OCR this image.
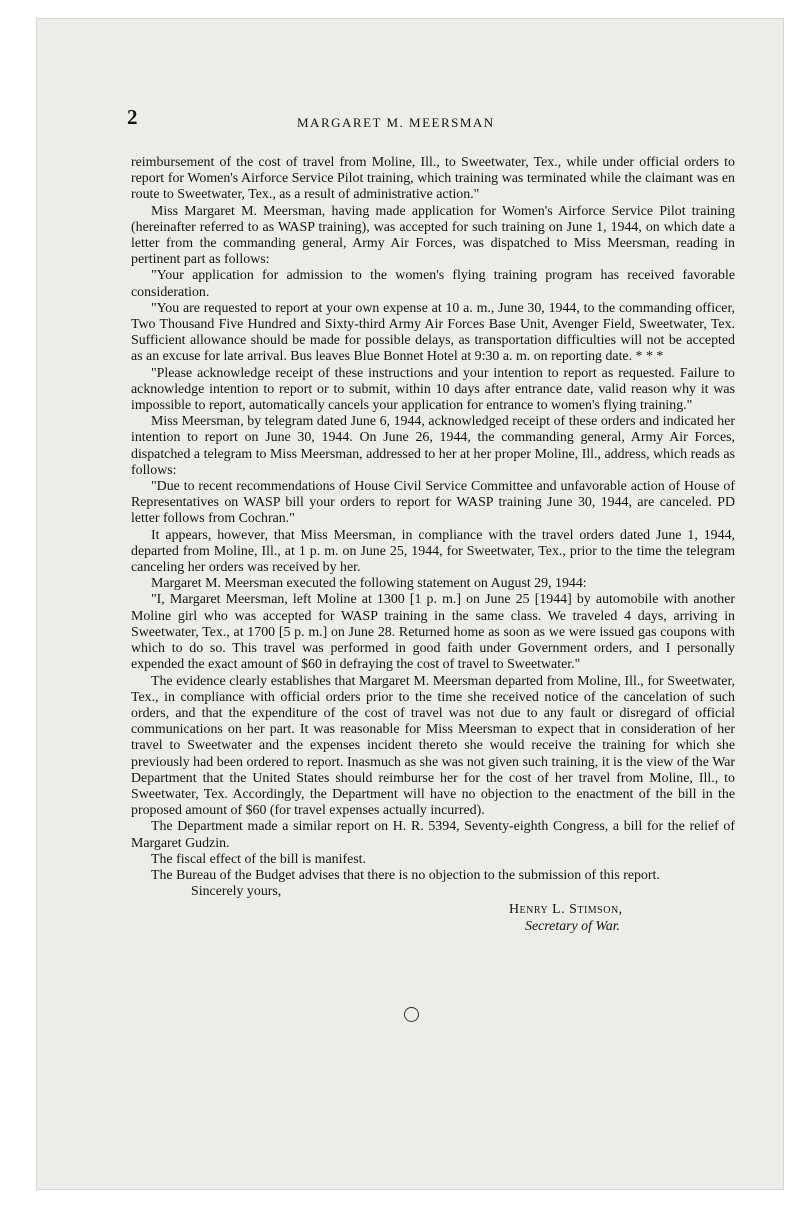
2	MARGARET M. MEERSMAN

reimbursement of the cost of travel from Moline, Ill., to Sweetwater, Tex., while under official orders to report for Women's Airforce Service Pilot training, which training was terminated while the claimant was en route to Sweetwater, Tex., as a result of administrative action."

Miss Margaret M. Meersman, having made application for Women's Airforce Service Pilot training (hereinafter referred to as WASP training), was accepted for such training on June 1, 1944, on which date a letter from the commanding general, Army Air Forces, was dispatched to Miss Meersman, reading in pertinent part as follows:

"Your application for admission to the women's flying training program has received favorable consideration.

"You are requested to report at your own expense at 10 a. m., June 30, 1944, to the commanding officer, Two Thousand Five Hundred and Sixty-third Army Air Forces Base Unit, Avenger Field, Sweetwater, Tex. Sufficient allowance should be made for possible delays, as transportation difficulties will not be accepted as an excuse for late arrival. Bus leaves Blue Bonnet Hotel at 9:30 a. m. on reporting date. * * *

"Please acknowledge receipt of these instructions and your intention to report as requested. Failure to acknowledge intention to report or to submit, within 10 days after entrance date, valid reason why it was impossible to report, automatically cancels your application for entrance to women's flying training."

Miss Meersman, by telegram dated June 6, 1944, acknowledged receipt of these orders and indicated her intention to report on June 30, 1944. On June 26, 1944, the commanding general, Army Air Forces, dispatched a telegram to Miss Meersman, addressed to her at her proper Moline, Ill., address, which reads as follows:

"Due to recent recommendations of House Civil Service Committee and unfavorable action of House of Representatives on WASP bill your orders to report for WASP training June 30, 1944, are canceled. PD letter follows from Cochran."

It appears, however, that Miss Meersman, in compliance with the travel orders dated June 1, 1944, departed from Moline, Ill., at 1 p. m. on June 25, 1944, for Sweetwater, Tex., prior to the time the telegram canceling her orders was received by her.

Margaret M. Meersman executed the following statement on August 29, 1944:

"I, Margaret Meersman, left Moline at 1300 [1 p. m.] on June 25 [1944] by automobile with another Moline girl who was accepted for WASP training in the same class. We traveled 4 days, arriving in Sweetwater, Tex., at 1700 [5 p. m.] on June 28. Returned home as soon as we were issued gas coupons with which to do so. This travel was performed in good faith under Government orders, and I personally expended the exact amount of $60 in defraying the cost of travel to Sweetwater."

The evidence clearly establishes that Margaret M. Meersman departed from Moline, Ill., for Sweetwater, Tex., in compliance with official orders prior to the time she received notice of the cancelation of such orders, and that the expenditure of the cost of travel was not due to any fault or disregard of official communications on her part. It was reasonable for Miss Meersman to expect that in consideration of her travel to Sweetwater and the expenses incident thereto she would receive the training for which she previously had been ordered to report. Inasmuch as she was not given such training, it is the view of the War Department that the United States should reimburse her for the cost of her travel from Moline, Ill., to Sweetwater, Tex. Accordingly, the Department will have no objection to the enactment of the bill in the proposed amount of $60 (for travel expenses actually incurred).

The Department made a similar report on H. R. 5394, Seventy-eighth Congress, a bill for the relief of Margaret Gudzin.

The fiscal effect of the bill is manifest.

The Bureau of the Budget advises that there is no objection to the submission of this report.

Sincerely yours,

Henry L. Stimson,
Secretary of War.
